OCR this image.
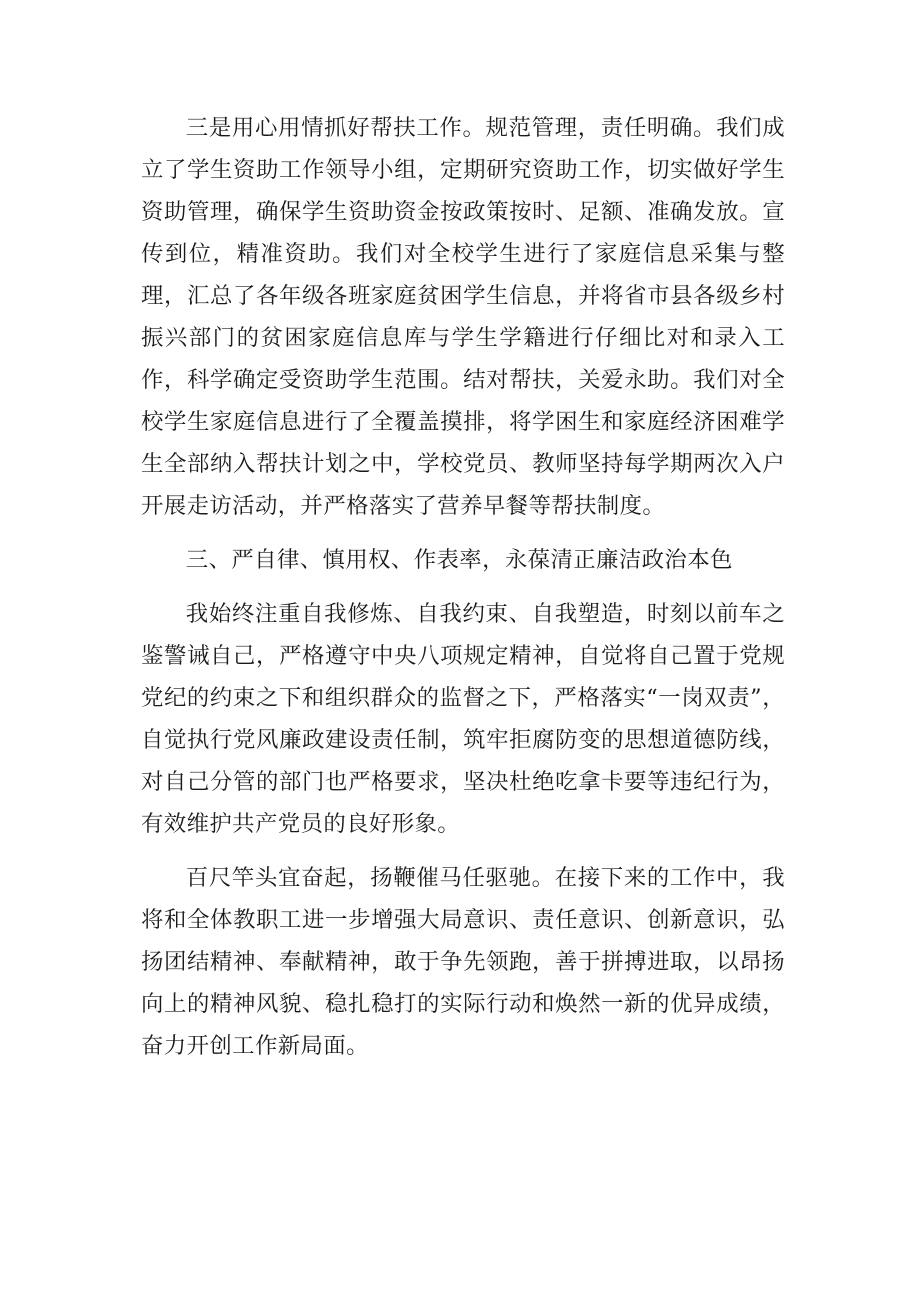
三是用心用情抓好帮扶工作。规范管理，责任明确。我们成立了学生资助工作领导小组，定期研究资助工作，切实做好学生资助管理，确保学生资助资金按政策按时、足额、准确发放。宣传到位，精准资助。我们对全校学生进行了家庭信息采集与整理，汇总了各年级各班家庭贫困学生信息，并将省市县各级乡村振兴部门的贫困家庭信息库与学生学籍进行仔细比对和录入工作，科学确定受资助学生范围。结对帮扶，关爱永助。我们对全校学生家庭信息进行了全覆盖摸排，将学困生和家庭经济困难学生全部纳入帮扶计划之中，学校党员、教师坚持每学期两次入户开展走访活动，并严格落实了营养早餐等帮扶制度。

三、严自律、慎用权、作表率，永葆清正廉洁政治本色

我始终注重自我修炼、自我约束、自我塑造，时刻以前车之鉴警诫自己，严格遵守中央八项规定精神，自觉将自己置于党规党纪的约束之下和组织群众的监督之下，严格落实“一岗双责”，自觉执行党风廉政建设责任制，筑牢拒腐防变的思想道德防线，对自己分管的部门也严格要求，坚决杜绝吃拿卡要等违纪行为，有效维护共产党员的良好形象。

百尺竿头宜奋起，扬鞭催马任驱驰。在接下来的工作中，我将和全体教职工进一步增强大局意识、责任意识、创新意识，弘扬团结精神、奉献精神，敢于争先领跑，善于拼搏进取，以昂扬向上的精神风貌、稳扎稳打的实际行动和焕然一新的优异成绩，奋力开创工作新局面。
